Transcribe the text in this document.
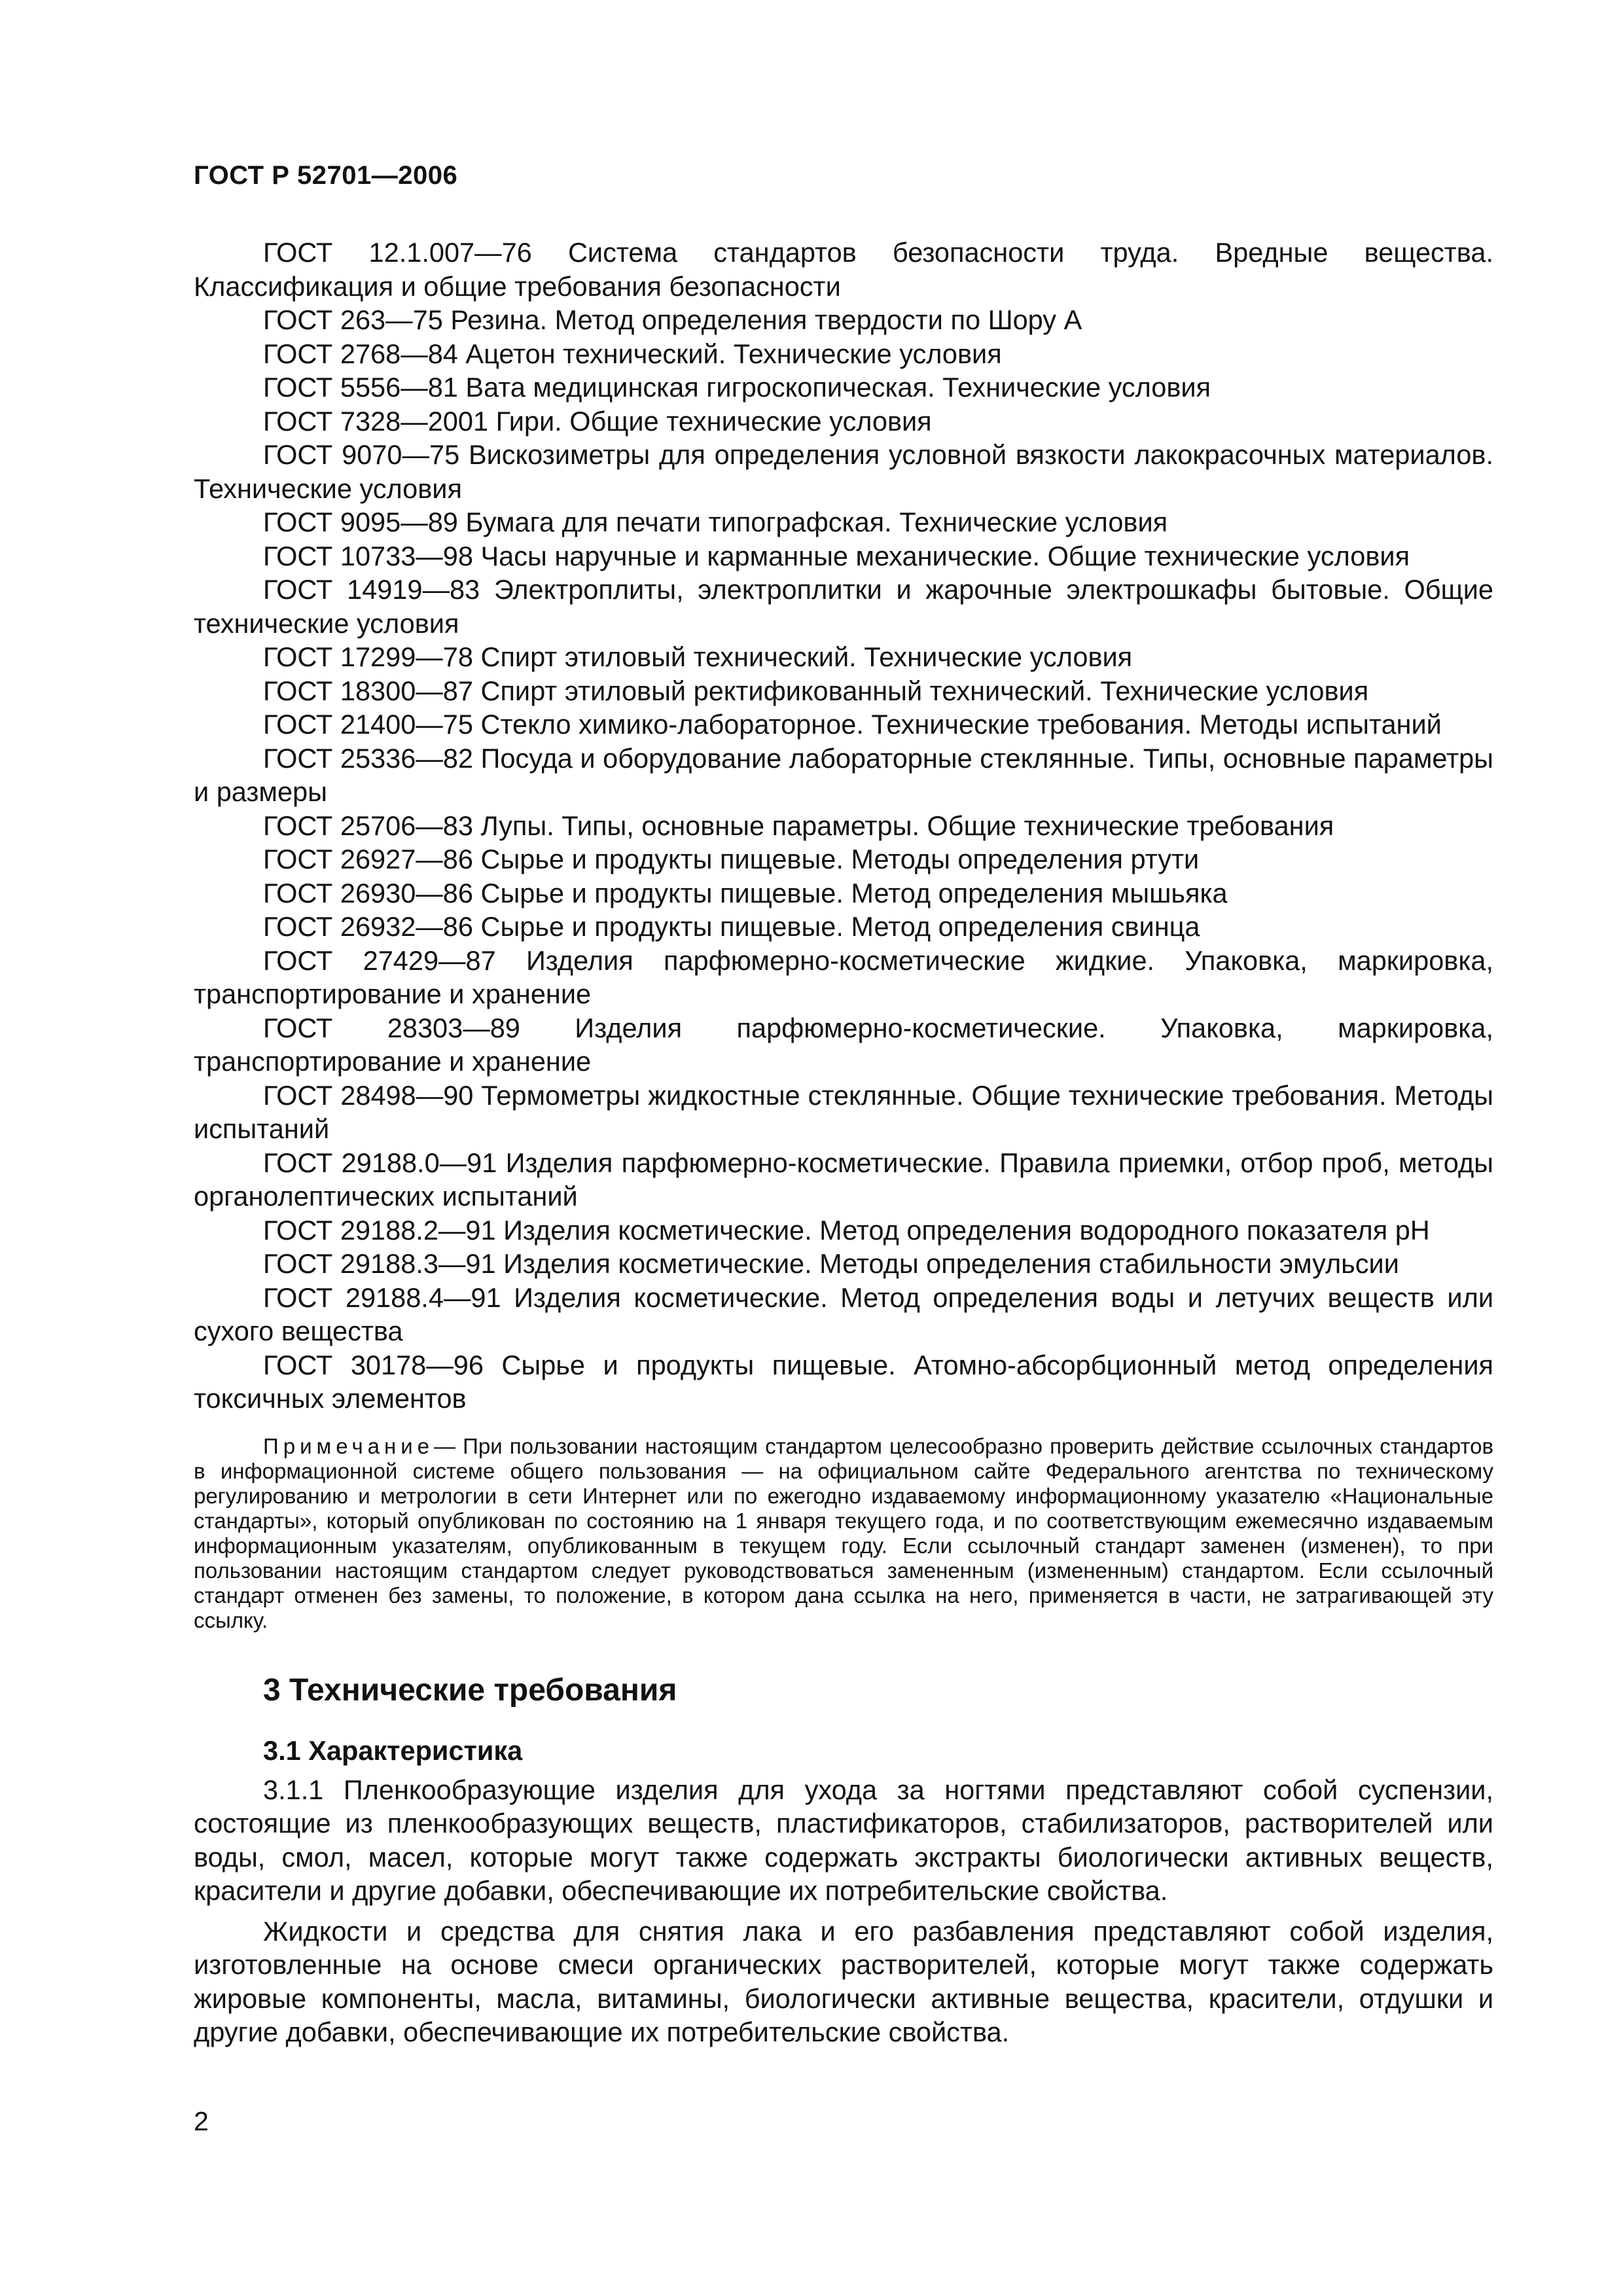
ГОСТ Р 52701—2006

ГОСТ 12.1.007—76 Система стандартов безопасности труда. Вредные вещества. Классификация и общие требования безопасности

ГОСТ 263—75 Резина. Метод определения твердости по Шору А

ГОСТ 2768—84 Ацетон технический. Технические условия

ГОСТ 5556—81 Вата медицинская гигроскопическая. Технические условия

ГОСТ 7328—2001 Гири. Общие технические условия

ГОСТ 9070—75 Вискозиметры для определения условной вязкости лакокрасочных материалов. Технические условия

ГОСТ 9095—89 Бумага для печати типографская. Технические условия

ГОСТ 10733—98 Часы наручные и карманные механические. Общие технические условия

ГОСТ 14919—83 Электроплиты, электроплитки и жарочные электрошкафы бытовые. Общие технические условия

ГОСТ 17299—78 Спирт этиловый технический. Технические условия

ГОСТ 18300—87 Спирт этиловый ректификованный технический. Технические условия

ГОСТ 21400—75 Стекло химико-лабораторное. Технические требования. Методы испытаний

ГОСТ 25336—82 Посуда и оборудование лабораторные стеклянные. Типы, основные параметры и размеры

ГОСТ 25706—83 Лупы. Типы, основные параметры. Общие технические требования

ГОСТ 26927—86 Сырье и продукты пищевые. Методы определения ртути

ГОСТ 26930—86 Сырье и продукты пищевые. Метод определения мышьяка

ГОСТ 26932—86 Сырье и продукты пищевые. Метод определения свинца

ГОСТ 27429—87 Изделия парфюмерно-косметические жидкие. Упаковка, маркировка, транспортирование и хранение

ГОСТ 28303—89 Изделия парфюмерно-косметические. Упаковка, маркировка, транспортирование и хранение

ГОСТ 28498—90 Термометры жидкостные стеклянные. Общие технические требования. Методы испытаний

ГОСТ 29188.0—91 Изделия парфюмерно-косметические. Правила приемки, отбор проб, методы органолептических испытаний

ГОСТ 29188.2—91 Изделия косметические. Метод определения водородного показателя pH

ГОСТ 29188.3—91 Изделия косметические. Методы определения стабильности эмульсии

ГОСТ 29188.4—91 Изделия косметические. Метод определения воды и летучих веществ или сухого вещества

ГОСТ 30178—96 Сырье и продукты пищевые. Атомно-абсорбционный метод определения токсичных элементов

Примечание— При пользовании настоящим стандартом целесообразно проверить действие ссылочных стандартов в информационной системе общего пользования — на официальном сайте Федерального агентства по техническому регулированию и метрологии в сети Интернет или по ежегодно издаваемому информационному указателю «Национальные стандарты», который опубликован по состоянию на 1 января текущего года, и по соответствующим ежемесячно издаваемым информационным указателям, опубликованным в текущем году. Если ссылочный стандарт заменен (изменен), то при пользовании настоящим стандартом следует руководствоваться замененным (измененным) стандартом. Если ссылочный стандарт отменен без замены, то положение, в котором дана ссылка на него, применяется в части, не затрагивающей эту ссылку.
3 Технические требования
3.1 Характеристика

3.1.1 Пленкообразующие изделия для ухода за ногтями представляют собой суспензии, состоящие из пленкообразующих веществ, пластификаторов, стабилизаторов, растворителей или воды, смол, масел, которые могут также содержать экстракты биологически активных веществ, красители и другие добавки, обеспечивающие их потребительские свойства.

Жидкости и средства для снятия лака и его разбавления представляют собой изделия, изготовленные на основе смеси органических растворителей, которые могут также содержать жировые компоненты, масла, витамины, биологически активные вещества, красители, отдушки и другие добавки, обеспечивающие их потребительские свойства.

2
